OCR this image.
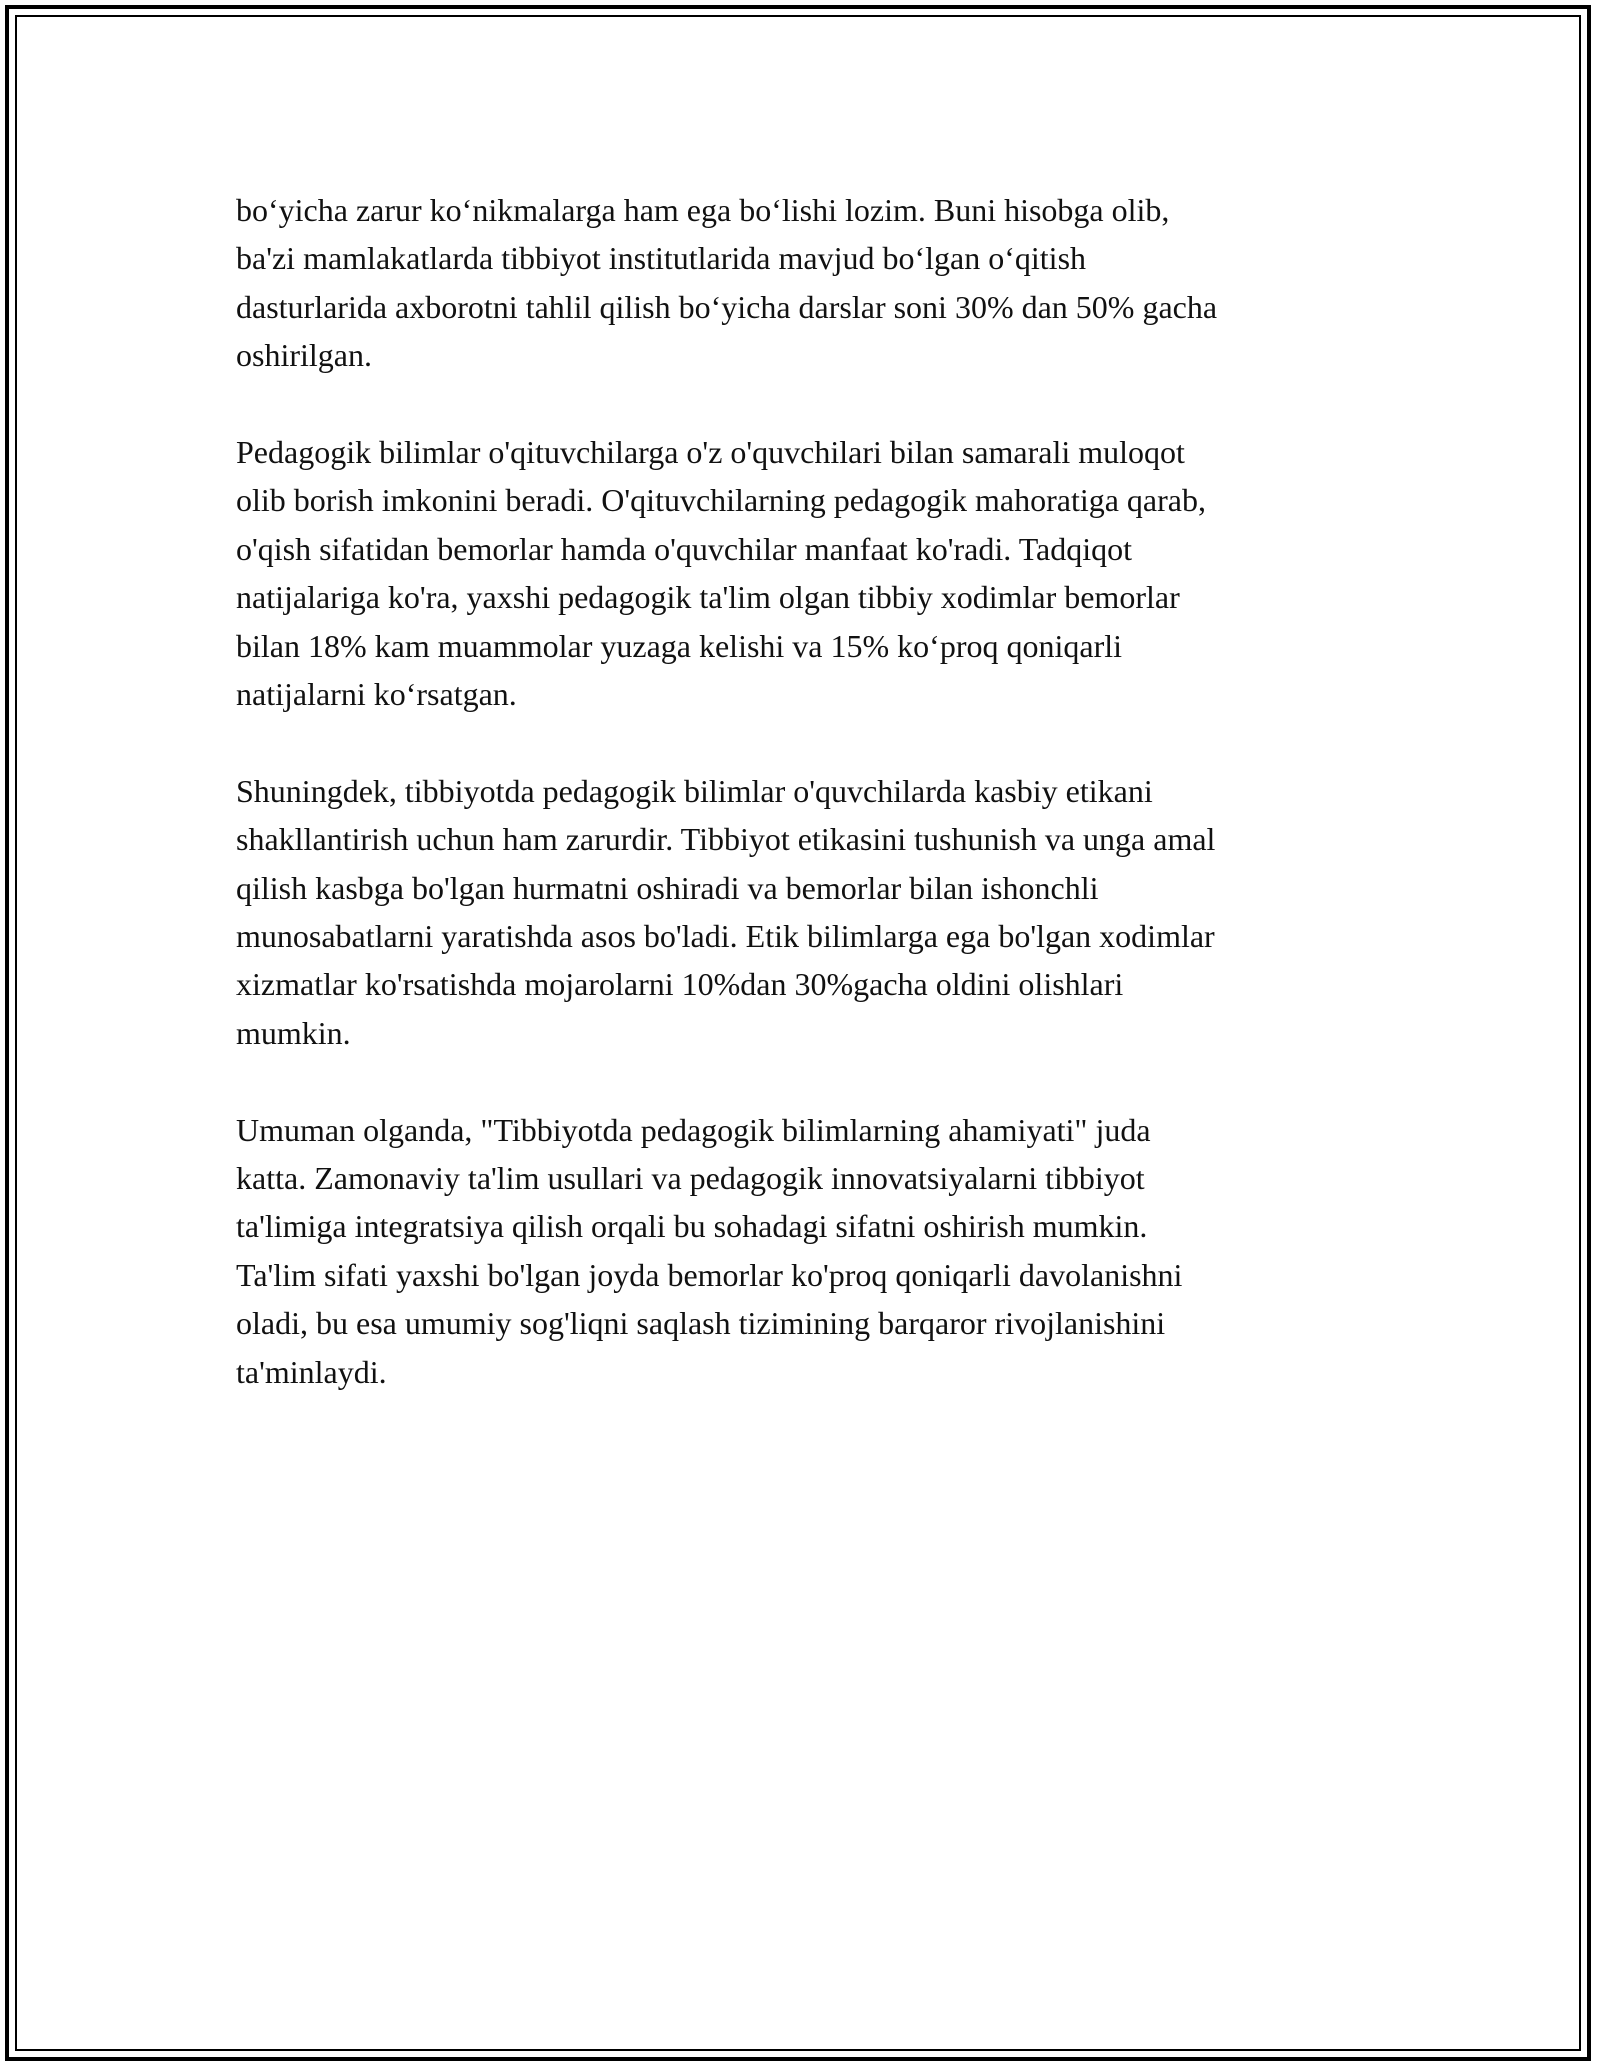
bo‘yicha zarur ko‘nikmalarga ham ega bo‘lishi lozim. Buni hisobga olib,
ba'zi mamlakatlarda tibbiyot institutlarida mavjud bo‘lgan o‘qitish
dasturlarida axborotni tahlil qilish bo‘yicha darslar soni 30% dan 50% gacha
oshirilgan.

Pedagogik bilimlar o'qituvchilarga o'z o'quvchilari bilan samarali muloqot
olib borish imkonini beradi. O'qituvchilarning pedagogik mahoratiga qarab,
o'qish sifatidan bemorlar hamda o'quvchilar manfaat ko'radi. Tadqiqot
natijalariga ko'ra, yaxshi pedagogik ta'lim olgan tibbiy xodimlar bemorlar
bilan 18% kam muammolar yuzaga kelishi va 15% ko‘proq qoniqarli
natijalarni ko‘rsatgan.

Shuningdek, tibbiyotda pedagogik bilimlar o'quvchilarda kasbiy etikani
shakllantirish uchun ham zarurdir. Tibbiyot etikasini tushunish va unga amal
qilish kasbga bo'lgan hurmatni oshiradi va bemorlar bilan ishonchli
munosabatlarni yaratishda asos bo'ladi. Etik bilimlarga ega bo'lgan xodimlar
xizmatlar ko'rsatishda mojarolarni 10%dan 30%gacha oldini olishlari
mumkin.

Umuman olganda, "Tibbiyotda pedagogik bilimlarning ahamiyati" juda
katta. Zamonaviy ta'lim usullari va pedagogik innovatsiyalarni tibbiyot
ta'limiga integratsiya qilish orqali bu sohadagi sifatni oshirish mumkin.
Ta'lim sifati yaxshi bo'lgan joyda bemorlar ko'proq qoniqarli davolanishni
oladi, bu esa umumiy sog'liqni saqlash tizimining barqaror rivojlanishini
ta'minlaydi.
